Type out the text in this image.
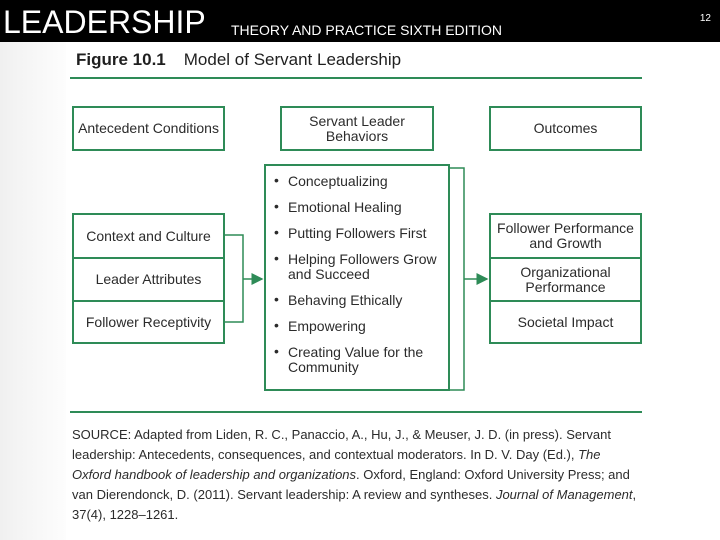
LEADERSHIP THEORY AND PRACTICE SIXTH EDITION
12
Figure 10.1 Model of Servant Leadership
Antecedent Conditions	Servant Leader Behaviors	Outcomes
Context and Culture
Leader Attributes
Follower Receptivity
Follower Performance and Growth
Organizational Performance
Societal Impact
• Conceptualizing
• Emotional Healing
• Putting Followers First
• Helping Followers Grow and Succeed
• Behaving Ethically
• Empowering
• Creating Value for the Community
SOURCE: Adapted from Liden, R. C., Panaccio, A., Hu, J., & Meuser, J. D. (in press). Servant leadership: Antecedents, consequences, and contextual moderators. In D. V. Day (Ed.), The Oxford handbook of leadership and organizations. Oxford, England: Oxford University Press; and van Dierendonck, D. (2011). Servant leadership: A review and syntheses. Journal of Management, 37(4), 1228–1261.
